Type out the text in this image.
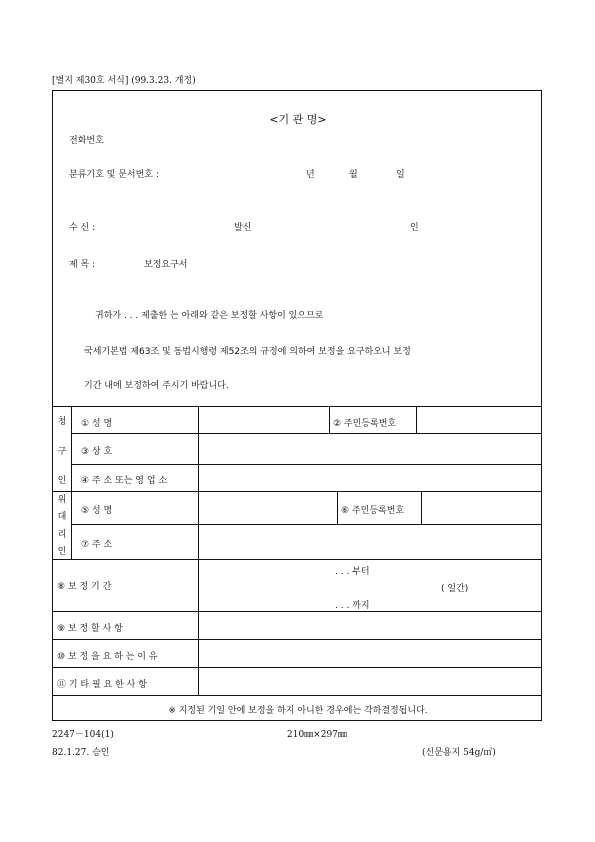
[별지 제30호 서식] (99.3.23. 개정)
<기 관 명>
전화번호
분류기호 및 문서번호 :	년	월	일
수 신 :	발신	인
제 목 :	보정요구서
귀하가 . . . 제출한 는 아래와 같은 보정할 사항이 있으므로
국세기본법 제63조 및 동법시행령 제52조의 규정에 의하여 보정을 요구하오니 보정
기간 내에 보정하여 주시기 바랍니다.
청
구
인
① 성 명	② 주민등록번호
③ 상 호
④ 주 소 또는 영 업 소
위
대
리
인
⑤ 성 명	⑥ 주민등록번호
⑦ 주 소
⑧ 보 정 기 간
. . . 부터
( 일간)
. . . 까지
⑨ 보 정 할 사 항
⑩ 보 정 을 요 하 는 이 유
⑪ 기 타 필 요 한 사 항
※ 지정된 기일 안에 보정을 하지 아니한 경우에는 각하결정됩니다.
2247－104(1)
82.1.27. 승인
210㎜×297㎜
(신문용지 54g/㎡)
